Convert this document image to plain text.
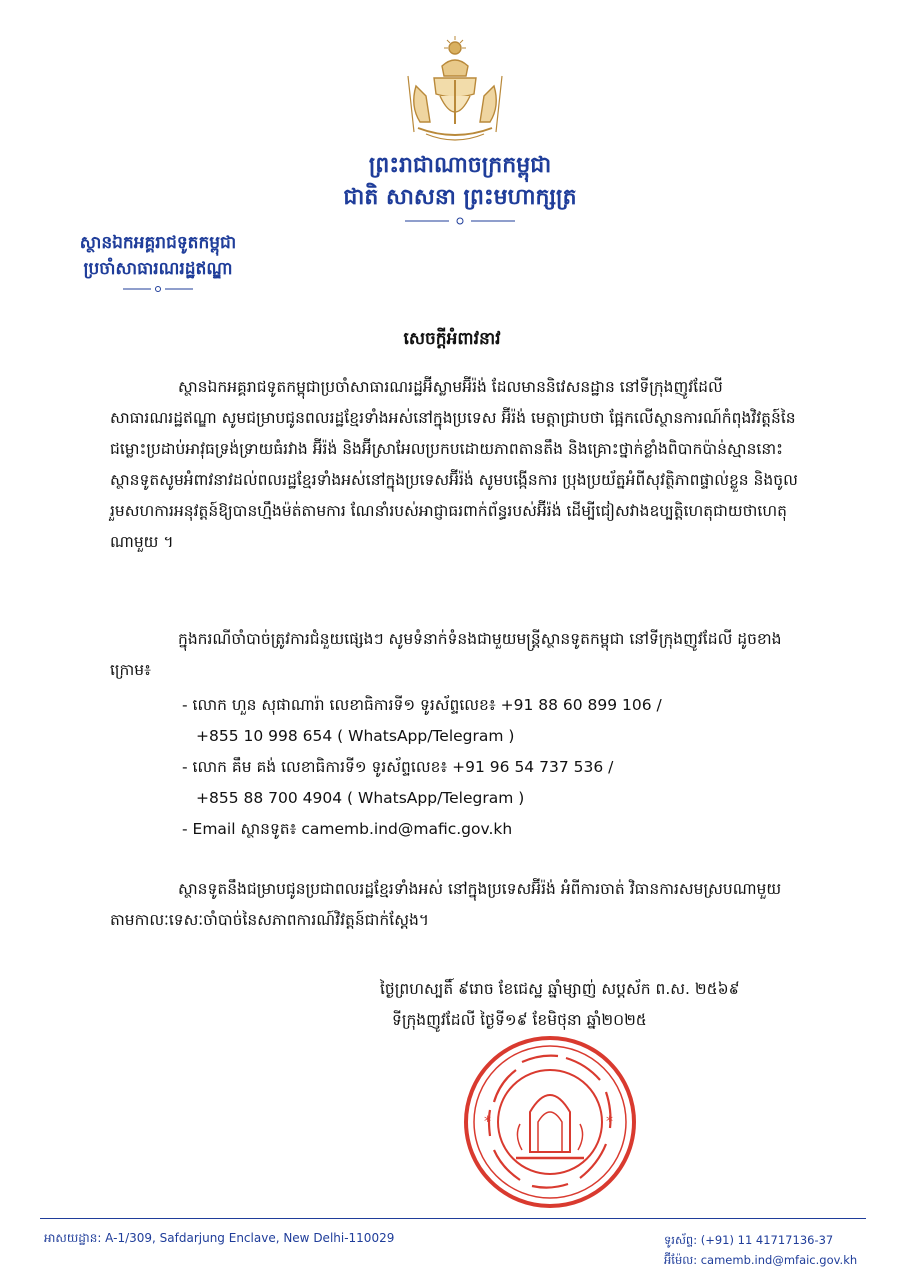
ព្រះរាជាណាចក្រកម្ពុជា
ជាតិ សាសនា ព្រះមហាក្សត្រ
ស្ថានឯកអគ្គរាជទូតកម្ពុជា
ប្រចាំសាធារណរដ្ឋឥណ្ឌា
សេចក្តីអំពាវនាវ
ស្ថានឯកអគ្គរាជទូតកម្ពុជាប្រចាំសាធារណរដ្ឋអ៊ីស្លាមអ៊ីរ៉ង់ ដែលមាននិវេសនដ្ឋាន នៅទីក្រុងញូវដែលី សាធារណរដ្ឋឥណ្ឌា សូមជម្រាបជូនពលរដ្ឋខ្មែរទាំងអស់នៅក្នុងប្រទេស អ៊ីរ៉ង់ មេត្តាជ្រាបថា ផ្អែកលើស្ថានការណ៍កំពុងវិវត្តន៍នៃជម្លោះប្រដាប់អាវុធទ្រង់ទ្រាយធំរវាង អ៊ីរ៉ង់ និងអ៊ីស្រាអែលប្រកបដោយភាពតានតឹង និងគ្រោះថ្នាក់ខ្លាំងពិបាកប៉ាន់ស្មាននោះ ស្ថានទូតសូមអំពាវនាវដល់ពលរដ្ឋខ្មែរទាំងអស់នៅក្នុងប្រទេសអ៊ីរ៉ង់ សូមបង្កើនការ ប្រុងប្រយ័ត្នអំពីសុវត្ថិភាពផ្ទាល់ខ្លួន និងចូលរួមសហការអនុវត្តន៍ឱ្យបានហ្មឹងម៉ត់តាមការ ណែនាំរបស់អាជ្ញាធរពាក់ព័ន្ធរបស់អ៊ីរ៉ង់ ដើម្បីជៀសវាងឧប្បត្តិហេតុជាយថាហេតុណាមួយ ។
ក្នុងករណីចាំបាច់ត្រូវការជំនួយផ្សេងៗ សូមទំនាក់ទំនងជាមួយមន្រ្តីស្ថានទូតកម្ពុជា នៅទីក្រុងញូវដែលី ដូចខាងក្រោម៖
- លោក ហួន សុផាណារ៉ា លេខាធិការទី១ ទូរស័ព្ទលេខ៖ +91 88 60 899 106 /
+855 10 998 654 ( WhatsApp/Telegram )
- លោក គឹម គង់ លេខាធិការទី១ ទូរស័ព្ទលេខ៖ +91 96 54 737 536 /
+855 88 700 4904 ( WhatsApp/Telegram )
- Email ស្ថានទូត៖ camemb.ind@mafic.gov.kh
ស្ថានទូតនឹងជម្រាបជូនប្រជាពលរដ្ឋខ្មែរទាំងអស់ នៅក្នុងប្រទេសអ៊ីរ៉ង់ អំពីការចាត់ វិធានការសមស្របណាមួយ តាមកាលៈទេសៈចាំបាច់នៃសភាពការណ៍វិវត្តន៍ជាក់ស្តែង។
ថ្ងៃព្រហស្បតិ៍ ៩រោច ខែជេស្ឋ ឆ្នាំម្សាញ់ សប្តស័ក ព.ស. ២៥៦៩
ទីក្រុងញូវដែលី ថ្ងៃទី១៩ ខែមិថុនា ឆ្នាំ២០២៥
*	*
អាសយដ្ឋាន: A-1/309, Safdarjung Enclave, New Delhi-110029	ទូរស័ព្ទ: (+91) 11 41717136-37
អ៊ីម៉ែល: camemb.ind@mfaic.gov.kh
